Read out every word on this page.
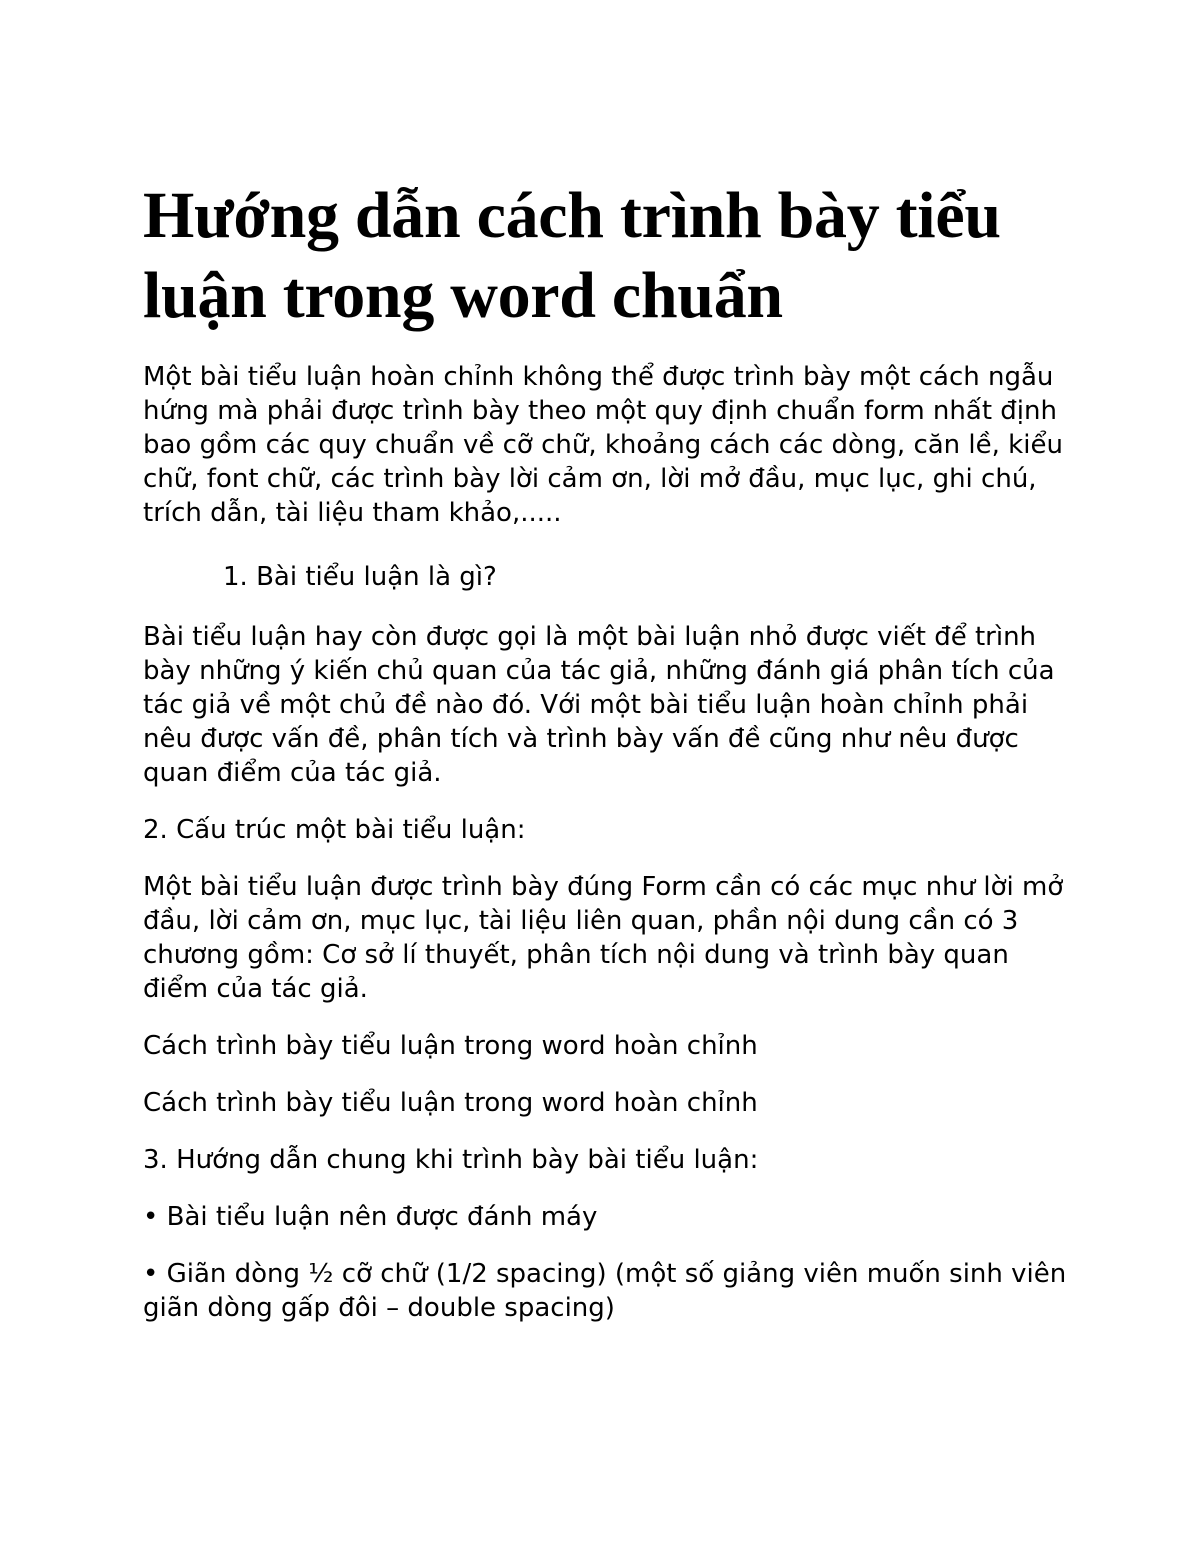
Hướng dẫn cách trình bày tiểu luận trong word chuẩn

Một bài tiểu luận hoàn chỉnh không thể được trình bày một cách ngẫu hứng mà phải được trình bày theo một quy định chuẩn form nhất định bao gồm các quy chuẩn về cỡ chữ, khoảng cách các dòng, căn lề, kiểu chữ, font chữ, các trình bày lời cảm ơn, lời mở đầu, mục lục, ghi chú, trích dẫn, tài liệu tham khảo,.....

1. Bài tiểu luận là gì?

Bài tiểu luận hay còn được gọi là một bài luận nhỏ được viết để trình bày những ý kiến chủ quan của tác giả, những đánh giá phân tích của tác giả về một chủ đề nào đó. Với một bài tiểu luận hoàn chỉnh phải nêu được vấn đề, phân tích và trình bày vấn đề cũng như nêu được quan điểm của tác giả.

2. Cấu trúc một bài tiểu luận:

Một bài tiểu luận được trình bày đúng Form cần có các mục như lời mở đầu, lời cảm ơn, mục lục, tài liệu liên quan, phần nội dung cần có 3 chương gồm: Cơ sở lí thuyết, phân tích nội dung và trình bày quan điểm của tác giả.

Cách trình bày tiểu luận trong word hoàn chỉnh

Cách trình bày tiểu luận trong word hoàn chỉnh

3. Hướng dẫn chung khi trình bày bài tiểu luận:

• Bài tiểu luận nên được đánh máy

• Giãn dòng ½ cỡ chữ (1/2 spacing) (một số giảng viên muốn sinh viên giãn dòng gấp đôi – double spacing)
